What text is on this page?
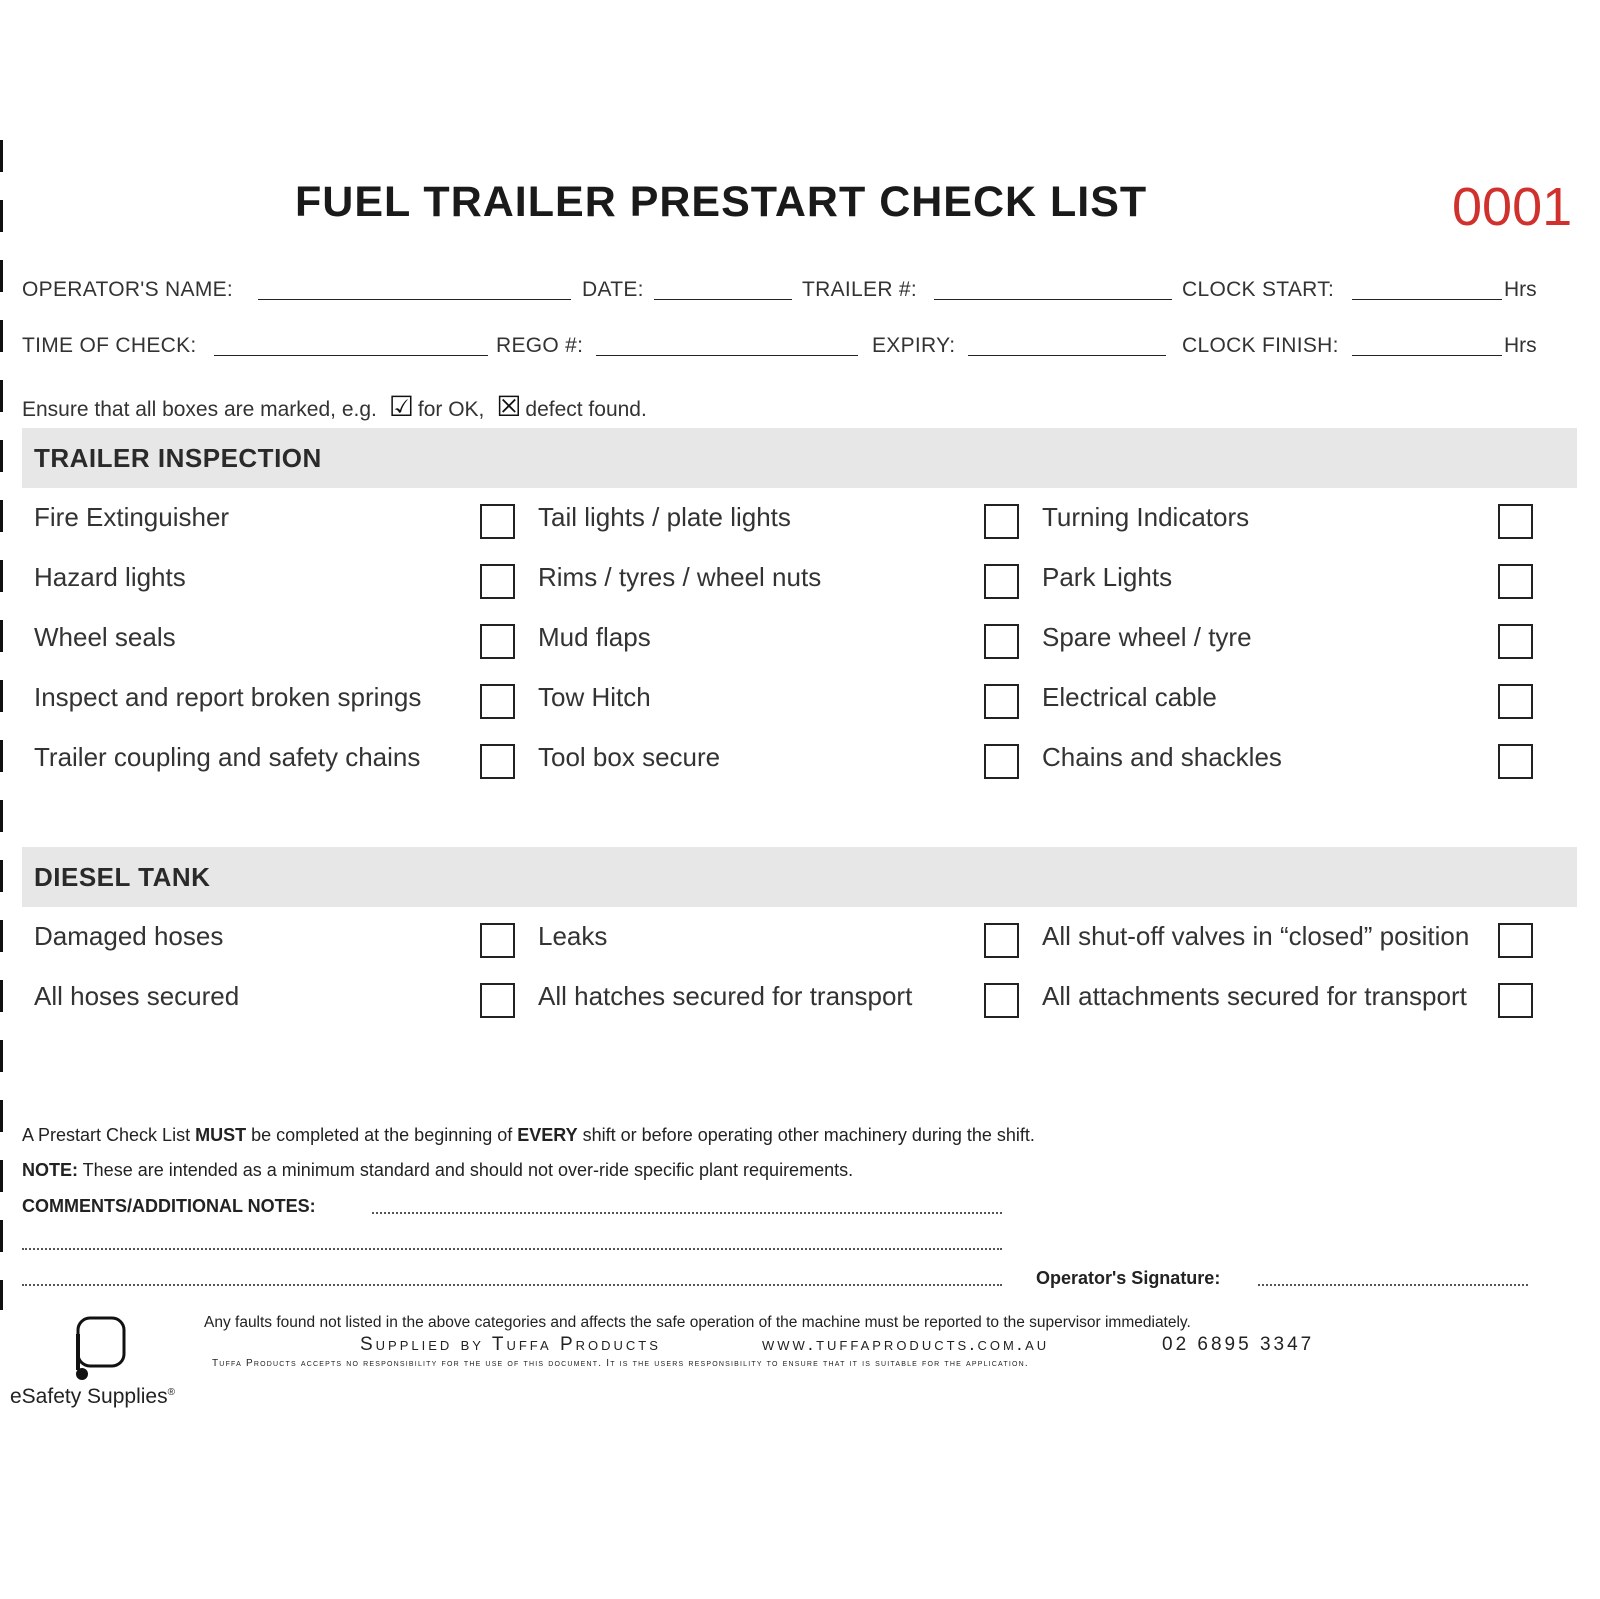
FUEL TRAILER PRESTART CHECK LIST	0001
OPERATOR'S NAME:	DATE:	TRAILER #:	CLOCK START:	Hrs
TIME OF CHECK:	REGO #:	EXPIRY:	CLOCK FINISH:	Hrs
Ensure that all boxes are marked, e.g. ☑ for OK, ☒ defect found.
TRAILER INSPECTION
Fire Extinguisher	Tail lights / plate lights	Turning Indicators
Hazard lights	Rims / tyres / wheel nuts	Park Lights
Wheel seals	Mud flaps	Spare wheel / tyre
Inspect and report broken springs	Tow Hitch	Electrical cable
Trailer coupling and safety chains	Tool box secure	Chains and shackles
DIESEL TANK
Damaged hoses	Leaks	All shut-off valves in “closed” position
All hoses secured	All hatches secured for transport	All attachments secured for transport
A Prestart Check List MUST be completed at the beginning of EVERY shift or before operating other machinery during the shift.
NOTE: These are intended as a minimum standard and should not over-ride specific plant requirements.
COMMENTS/ADDITIONAL NOTES:
Operator's Signature:
Any faults found not listed in the above categories and affects the safe operation of the machine must be reported to the supervisor immediately.
Supplied by Tuffa Products	www.tuffaproducts.com.au	02 6895 3347
Tuffa Products accepts no responsibility for the use of this document. It is the users responsibility to ensure that it is suitable for the application.
eSafety Supplies®
